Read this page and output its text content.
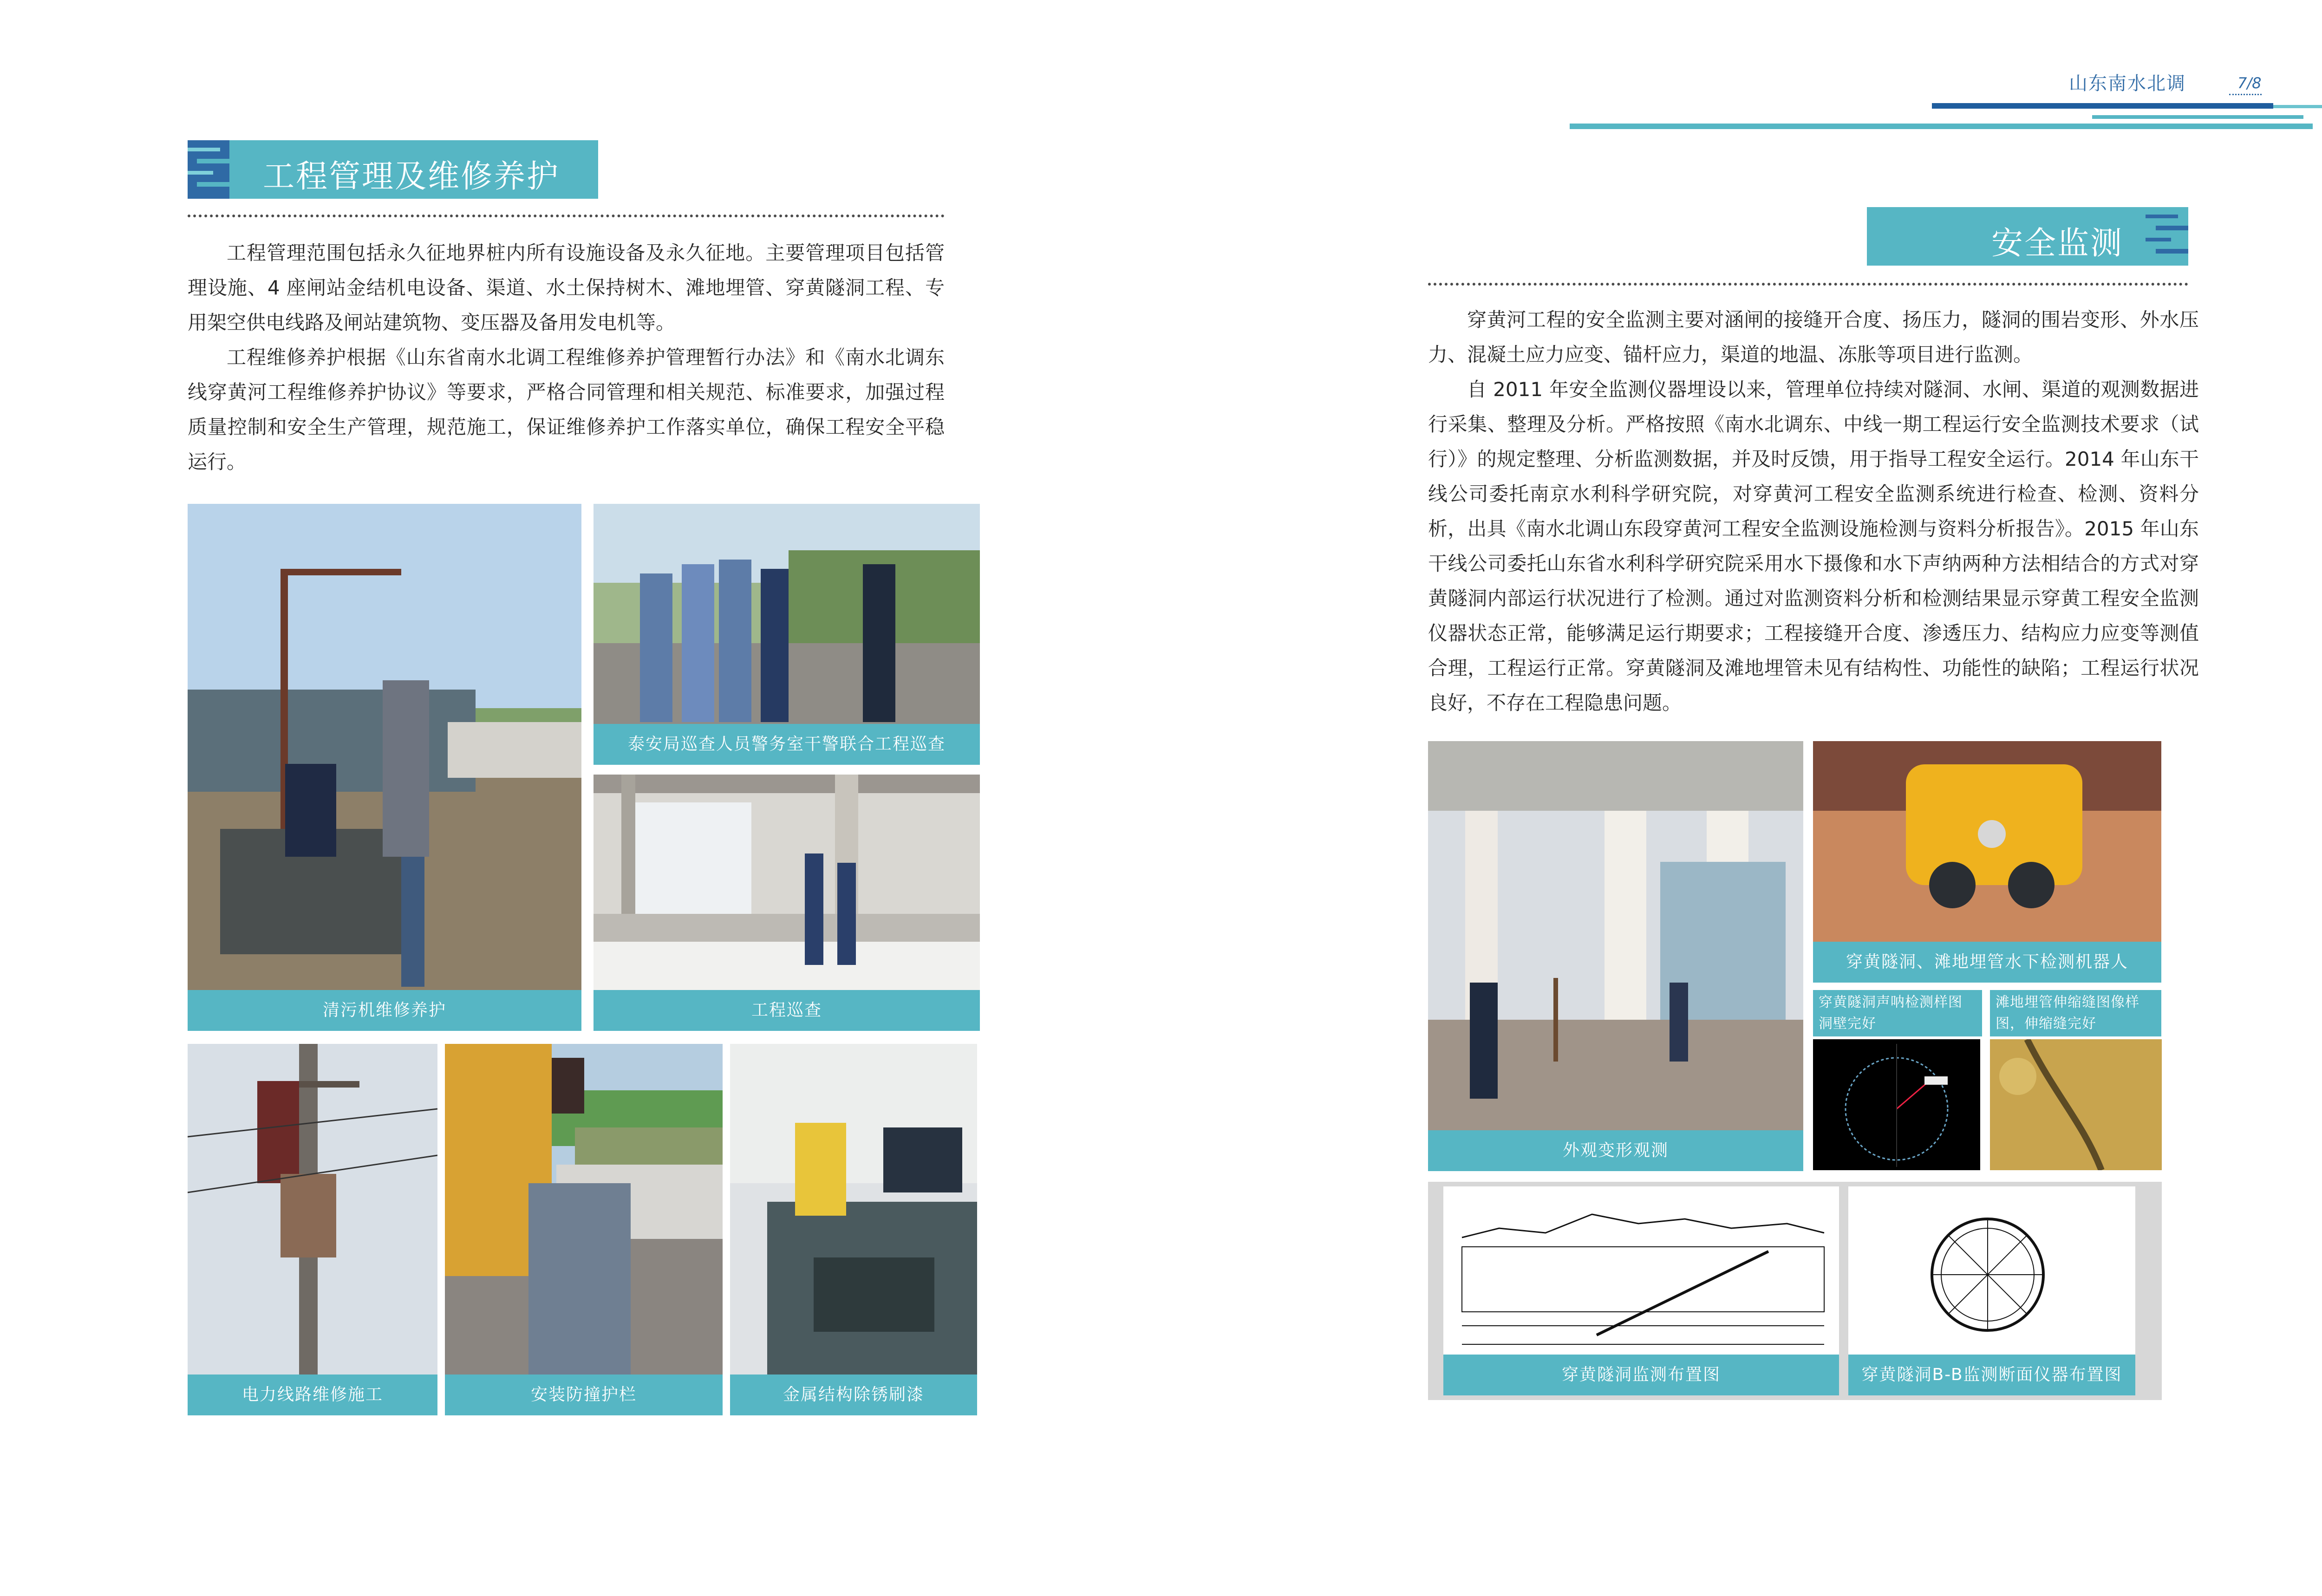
山东南水北调	7/8
工程管理及维修养护

工程管理范围包括永久征地界桩内所有设施设备及永久征地。主要管理项目包括管理设施、4 座闸站金结机电设备、渠道、水土保持树木、滩地埋管、穿黄隧洞工程、专用架空供电线路及闸站建筑物、变压器及备用发电机等。

工程维修养护根据《山东省南水北调工程维修养护管理暂行办法》和《南水北调东线穿黄河工程维修养护协议》等要求，严格合同管理和相关规范、标准要求，加强过程质量控制和安全生产管理，规范施工，保证维修养护工作落实单位，确保工程安全平稳运行。

清污机维修养护
泰安局巡查人员警务室干警联合工程巡查
工程巡查
电力线路维修施工	安装防撞护栏	金属结构除锈刷漆
安全监测

穿黄河工程的安全监测主要对涵闸的接缝开合度、扬压力，隧洞的围岩变形、外水压力、混凝土应力应变、锚杆应力，渠道的地温、冻胀等项目进行监测。

自 2011 年安全监测仪器埋设以来，管理单位持续对隧洞、水闸、渠道的观测数据进行采集、整理及分析。严格按照《南水北调东、中线一期工程运行安全监测技术要求（试行）》的规定整理、分析监测数据，并及时反馈，用于指导工程安全运行。2014 年山东干线公司委托南京水利科学研究院，对穿黄河工程安全监测系统进行检查、检测、资料分析，出具《南水北调山东段穿黄河工程安全监测设施检测与资料分析报告》。2015 年山东干线公司委托山东省水利科学研究院采用水下摄像和水下声纳两种方法相结合的方式对穿黄隧洞内部运行状况进行了检测。通过对监测资料分析和检测结果显示穿黄工程安全监测仪器状态正常，能够满足运行期要求；工程接缝开合度、渗透压力、结构应力应变等测值合理，工程运行正常。穿黄隧洞及滩地埋管未见有结构性、功能性的缺陷；工程运行状况良好，不存在工程隐患问题。

外观变形观测
穿黄隧洞、滩地埋管水下检测机器人
穿黄隧洞声呐检测样图洞壁完好
滩地埋管伸缩缝图像样图，伸缩缝完好
穿黄隧洞监测布置图	穿黄隧洞B-B监测断面仪器布置图
